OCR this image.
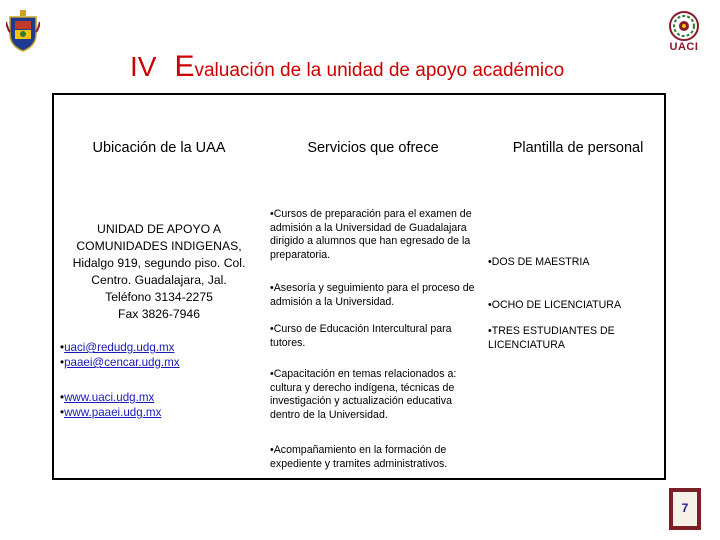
UACI
IV Evaluación de la unidad de apoyo académico
Ubicación de la UAA	Servicios que ofrece	Plantilla de personal
UNIDAD DE APOYO A
COMUNIDADES INDIGENAS,
Hidalgo 919, segundo piso. Col.
Centro. Guadalajara, Jal.
Teléfono 3134-2275
Fax 3826-7946
•uaci@redudg.udg.mx
•paaei@cencar.udg.mx
•www.uaci.udg.mx
•www.paaei.udg.mx
•Cursos de preparación para el examen de admisión a la Universidad de Guadalajara dirigido a alumnos que han egresado de la preparatoria.
•Asesoría y seguimiento para el proceso de admisión a la Universidad.
•Curso de Educación Intercultural para tutores.
•Capacitación en temas relacionados a: cultura y derecho indígena, técnicas de investigación y actualización educativa dentro de la Universidad.
•Acompañamiento en la formación de expediente y tramites administrativos.
•DOS DE MAESTRIA
•OCHO DE LICENCIATURA
•TRES ESTUDIANTES DE LICENCIATURA
7
